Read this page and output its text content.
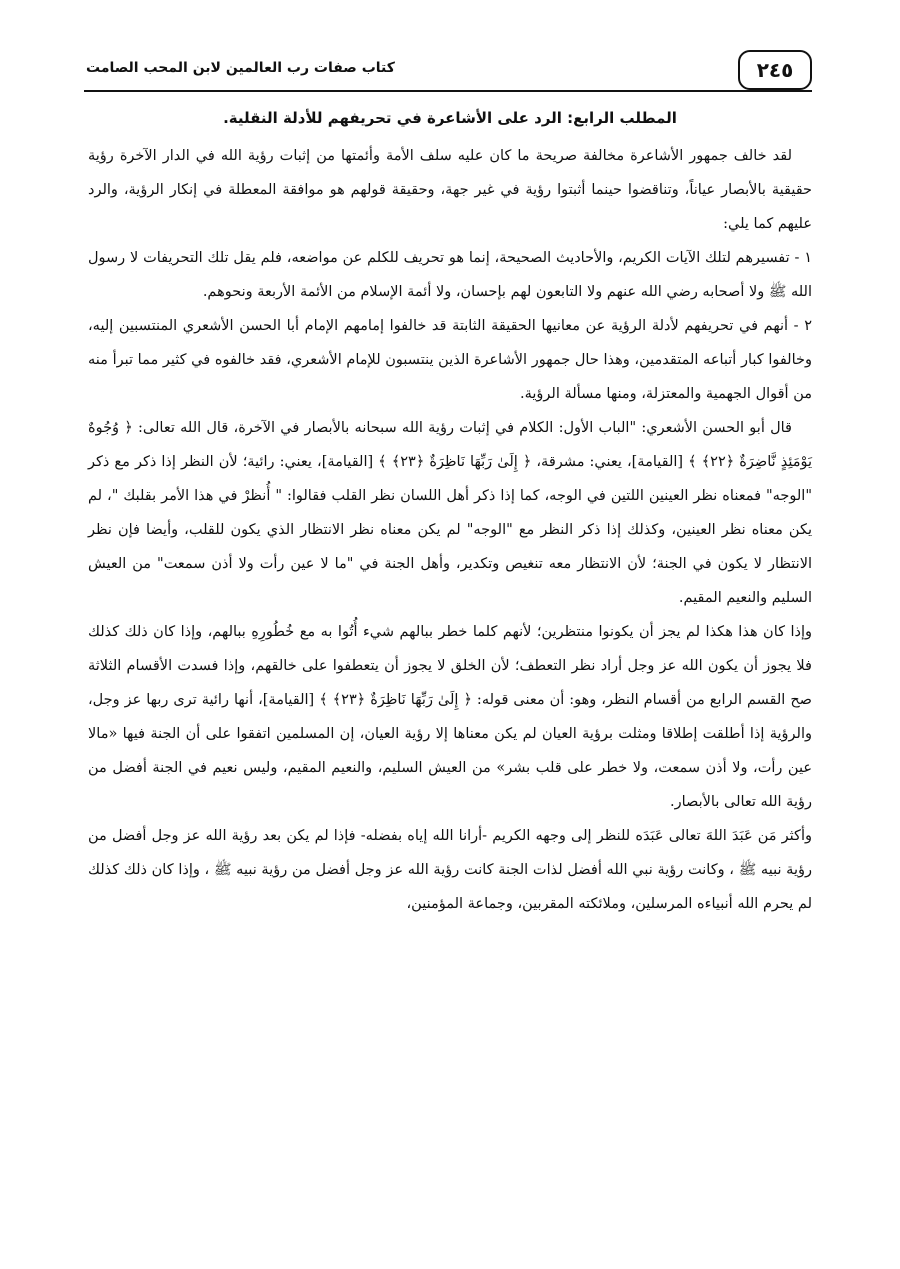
٢٤٥
كتاب صفات رب العالمين لابن المحب الصامت

المطلب الرابع: الرد على الأشاعرة في تحريفهم للأدلة النقلية.

لقد خالف جمهور الأشاعرة مخالفة صريحة ما كان عليه سلف الأمة وأئمتها من إثبات رؤية الله في الدار الآخرة رؤية حقيقية بالأبصار عياناً، وتناقضوا حينما أثبتوا رؤية في غير جهة، وحقيقة قولهم هو موافقة المعطلة في إنكار الرؤية، والرد عليهم كما يلي:

١ - تفسيرهم لتلك الآيات الكريم، والأحاديث الصحيحة، إنما هو تحريف للكلم عن مواضعه، فلم يقل تلك التحريفات لا رسول الله ﷺ ولا أصحابه رضي الله عنهم ولا التابعون لهم بإحسان، ولا أئمة الإسلام من الأئمة الأربعة ونحوهم.

٢ - أنهم في تحريفهم لأدلة الرؤية عن معانيها الحقيقة الثابتة قد خالفوا إمامهم الإمام أبا الحسن الأشعري المنتسبين إليه، وخالفوا كبار أتباعه المتقدمين، وهذا حال جمهور الأشاعرة الذين ينتسبون للإمام الأشعري، فقد خالفوه في كثير مما تبرأ منه من أقوال الجهمية والمعتزلة، ومنها مسألة الرؤية.

قال أبو الحسن الأشعري: "الباب الأول: الكلام في إثبات رؤية الله سبحانه بالأبصار في الآخرة، قال الله تعالى: ﴿ وُجُوهٌ يَوْمَئِذٍ نَّاضِرَةٌ ﴿٢٢﴾ ﴾ [القيامة]، يعني: مشرقة، ﴿ إِلَىٰ رَبِّهَا نَاظِرَةٌ ﴿٢٣﴾ ﴾ [القيامة]، يعني: رائية؛ لأن النظر إذا ذكر مع ذكر "الوجه" فمعناه نظر العينين اللتين في الوجه، كما إذا ذكر أهل اللسان نظر القلب فقالوا: " أُنظرْ في هذا الأمر بقلبك "، لم يكن معناه نظر العينين، وكذلك إذا ذكر النظر مع "الوجه" لم يكن معناه نظر الانتظار الذي يكون للقلب، وأيضا فإن نظر الانتظار لا يكون في الجنة؛ لأن الانتظار معه تنغيص وتكدير، وأهل الجنة في "ما لا عين رأت ولا أذن سمعت" من العيش السليم والنعيم المقيم.

وإذا كان هذا هكذا لم يجز أن يكونوا منتظرين؛ لأنهم كلما خطر ببالهم شيء أُتُوا به مع خُطُورِهِ ببالهم، وإذا كان ذلك كذلك فلا يجوز أن يكون الله عز وجل أراد نظر التعطف؛ لأن الخلق لا يجوز أن يتعطفوا على خالقهم، وإذا فسدت الأقسام الثلاثة صح القسم الرابع من أقسام النظر، وهو: أن معنى قوله: ﴿ إِلَىٰ رَبِّهَا نَاظِرَةٌ ﴿٢٣﴾ ﴾ [القيامة]، أنها رائية ترى ربها عز وجل، والرؤية إذا أطلقت إطلاقا ومثلت برؤية العيان لم يكن معناها إلا رؤية العيان، إن المسلمين اتفقوا على أن الجنة فيها «مالا عين رأت، ولا أذن سمعت، ولا خطر على قلب بشر» من العيش السليم، والنعيم المقيم، وليس نعيم في الجنة أفضل من رؤية الله تعالى بالأبصار.

وأكثر مَن عَبَدَ اللهَ تعالى عَبَدَه للنظر إلى وجهه الكريم -أرانا الله إياه بفضله- فإذا لم يكن بعد رؤية الله عز وجل أفضل من رؤية نبيه ﷺ ، وكانت رؤية نبي الله أفضل لذات الجنة كانت رؤية الله عز وجل أفضل من رؤية نبيه ﷺ ، وإذا كان ذلك كذلك لم يحرم الله أنبياءه المرسلين، وملائكته المقربين، وجماعة المؤمنين،
